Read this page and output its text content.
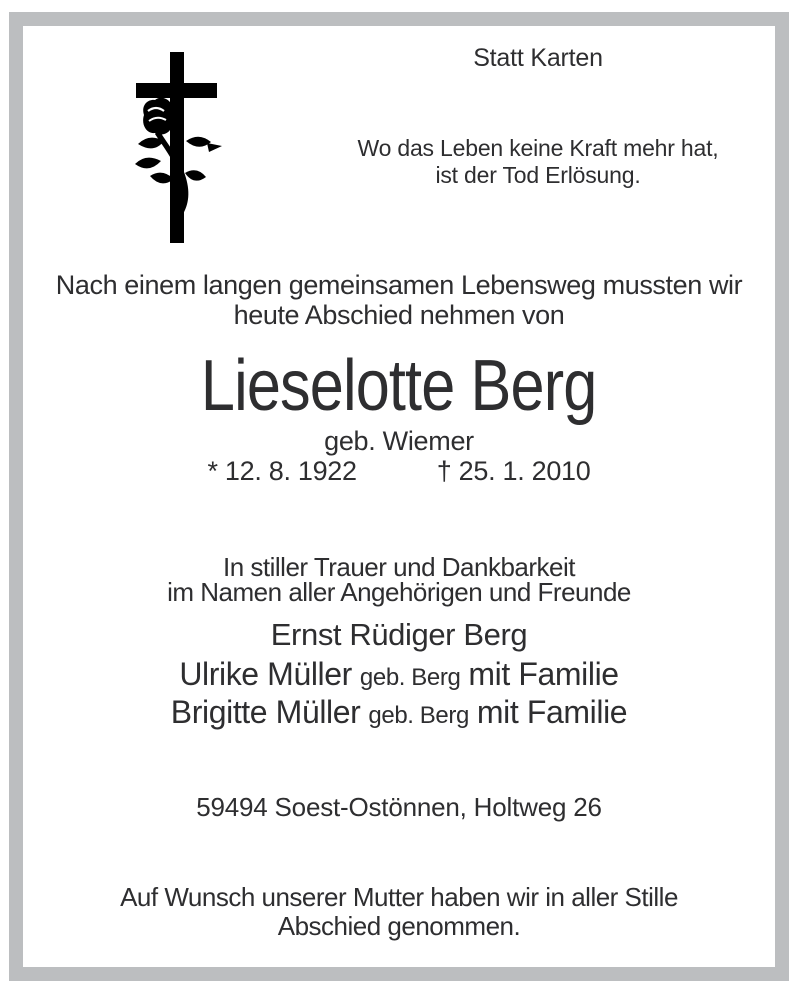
Statt Karten
Wo das Leben keine Kraft mehr hat,
ist der Tod Erlösung.
Nach einem langen gemeinsamen Lebensweg mussten wir
heute Abschied nehmen von
Lieselotte Berg
geb. Wiemer
* 12. 8. 1922	† 25. 1. 2010
In stiller Trauer und Dankbarkeit
im Namen aller Angehörigen und Freunde
Ernst Rüdiger Berg
Ulrike Müller geb. Berg mit Familie
Brigitte Müller geb. Berg mit Familie
59494 Soest-Ostönnen, Holtweg 26
Auf Wunsch unserer Mutter haben wir in aller Stille
Abschied genommen.
